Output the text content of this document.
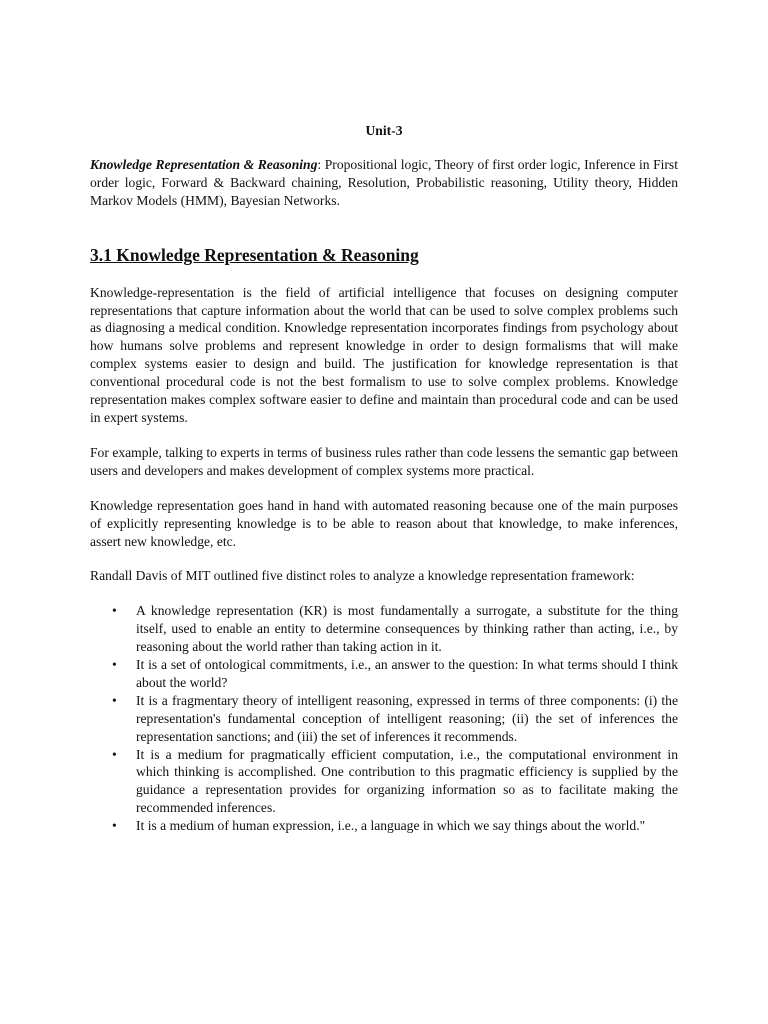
Unit-3

Knowledge Representation & Reasoning: Propositional logic, Theory of first order logic, Inference in First order logic, Forward & Backward chaining, Resolution, Probabilistic reasoning, Utility theory, Hidden Markov Models (HMM), Bayesian Networks.

3.1 Knowledge Representation & Reasoning

Knowledge-representation is the field of artificial intelligence that focuses on designing computer representations that capture information about the world that can be used to solve complex problems such as diagnosing a medical condition. Knowledge representation incorporates findings from psychology about how humans solve problems and represent knowledge in order to design formalisms that will make complex systems easier to design and build. The justification for knowledge representation is that conventional procedural code is not the best formalism to use to solve complex problems. Knowledge representation makes complex software easier to define and maintain than procedural code and can be used in expert systems.

For example, talking to experts in terms of business rules rather than code lessens the semantic gap between users and developers and makes development of complex systems more practical.

Knowledge representation goes hand in hand with automated reasoning because one of the main purposes of explicitly representing knowledge is to be able to reason about that knowledge, to make inferences, assert new knowledge, etc.

Randall Davis of MIT outlined five distinct roles to analyze a knowledge representation framework:

• A knowledge representation (KR) is most fundamentally a surrogate, a substitute for the thing itself, used to enable an entity to determine consequences by thinking rather than acting, i.e., by reasoning about the world rather than taking action in it.
• It is a set of ontological commitments, i.e., an answer to the question: In what terms should I think about the world?
• It is a fragmentary theory of intelligent reasoning, expressed in terms of three components: (i) the representation's fundamental conception of intelligent reasoning; (ii) the set of inferences the representation sanctions; and (iii) the set of inferences it recommends.
• It is a medium for pragmatically efficient computation, i.e., the computational environment in which thinking is accomplished. One contribution to this pragmatic efficiency is supplied by the guidance a representation provides for organizing information so as to facilitate making the recommended inferences.
• It is a medium of human expression, i.e., a language in which we say things about the world."
